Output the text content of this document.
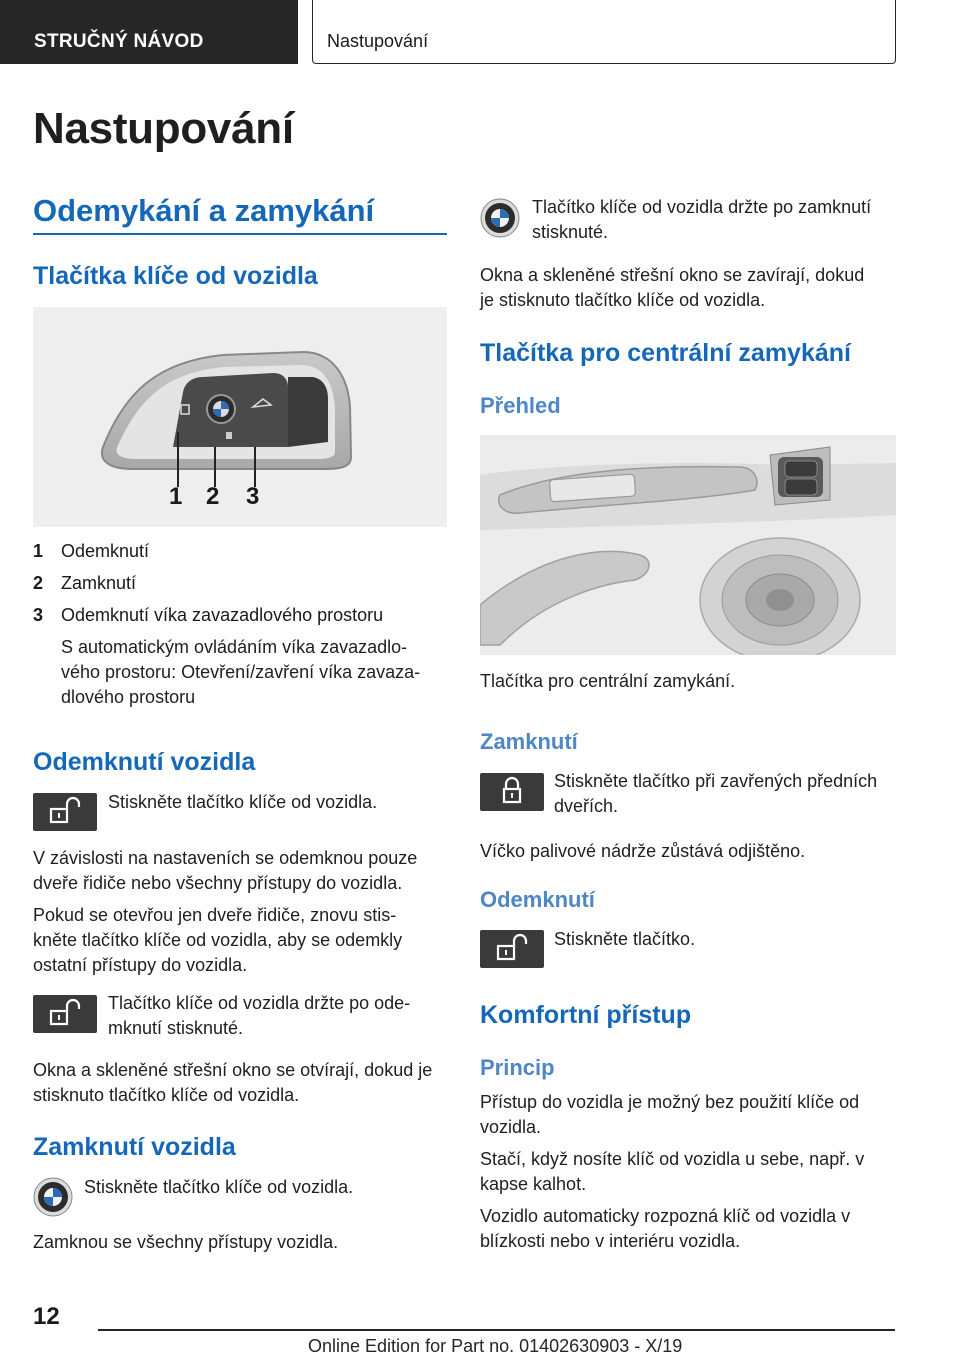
STRUČNÝ NÁVOD	Nastupování
Nastupování
Odemykání a zamykání
Tlačítka klíče od vozidla
1 2 3
1 Odemknutí
2 Zamknutí
3 Odemknutí víka zavazadlového prostoru
S automatickým ovládáním víka zavazadlo-
vého prostoru: Otevření/zavření víka zavaza-
dlového prostoru
Odemknutí vozidla
Stiskněte tlačítko klíče od vozidla.
V závislosti na nastaveních se odemknou pouze
dveře řidiče nebo všechny přístupy do vozidla.
Pokud se otevřou jen dveře řidiče, znovu stis-
kněte tlačítko klíče od vozidla, aby se odemkly
ostatní přístupy do vozidla.
Tlačítko klíče od vozidla držte po ode-
mknutí stisknuté.
Okna a skleněné střešní okno se otvírají, dokud je
stisknuto tlačítko klíče od vozidla.
Zamknutí vozidla
Stiskněte tlačítko klíče od vozidla.
Zamknou se všechny přístupy vozidla.
Tlačítko klíče od vozidla držte po zamknutí
stisknuté.
Okna a skleněné střešní okno se zavírají, dokud
je stisknuto tlačítko klíče od vozidla.
Tlačítka pro centrální zamykání
Přehled
Tlačítka pro centrální zamykání.
Zamknutí
Stiskněte tlačítko při zavřených předních
dveřích.
Víčko palivové nádrže zůstává odjištěno.
Odemknutí
Stiskněte tlačítko.
Komfortní přístup
Princip
Přístup do vozidla je možný bez použití klíče od
vozidla.
Stačí, když nosíte klíč od vozidla u sebe, např. v
kapse kalhot.
Vozidlo automaticky rozpozná klíč od vozidla v
blízkosti nebo v interiéru vozidla.
12
Online Edition for Part no. 01402630903 - X/19
